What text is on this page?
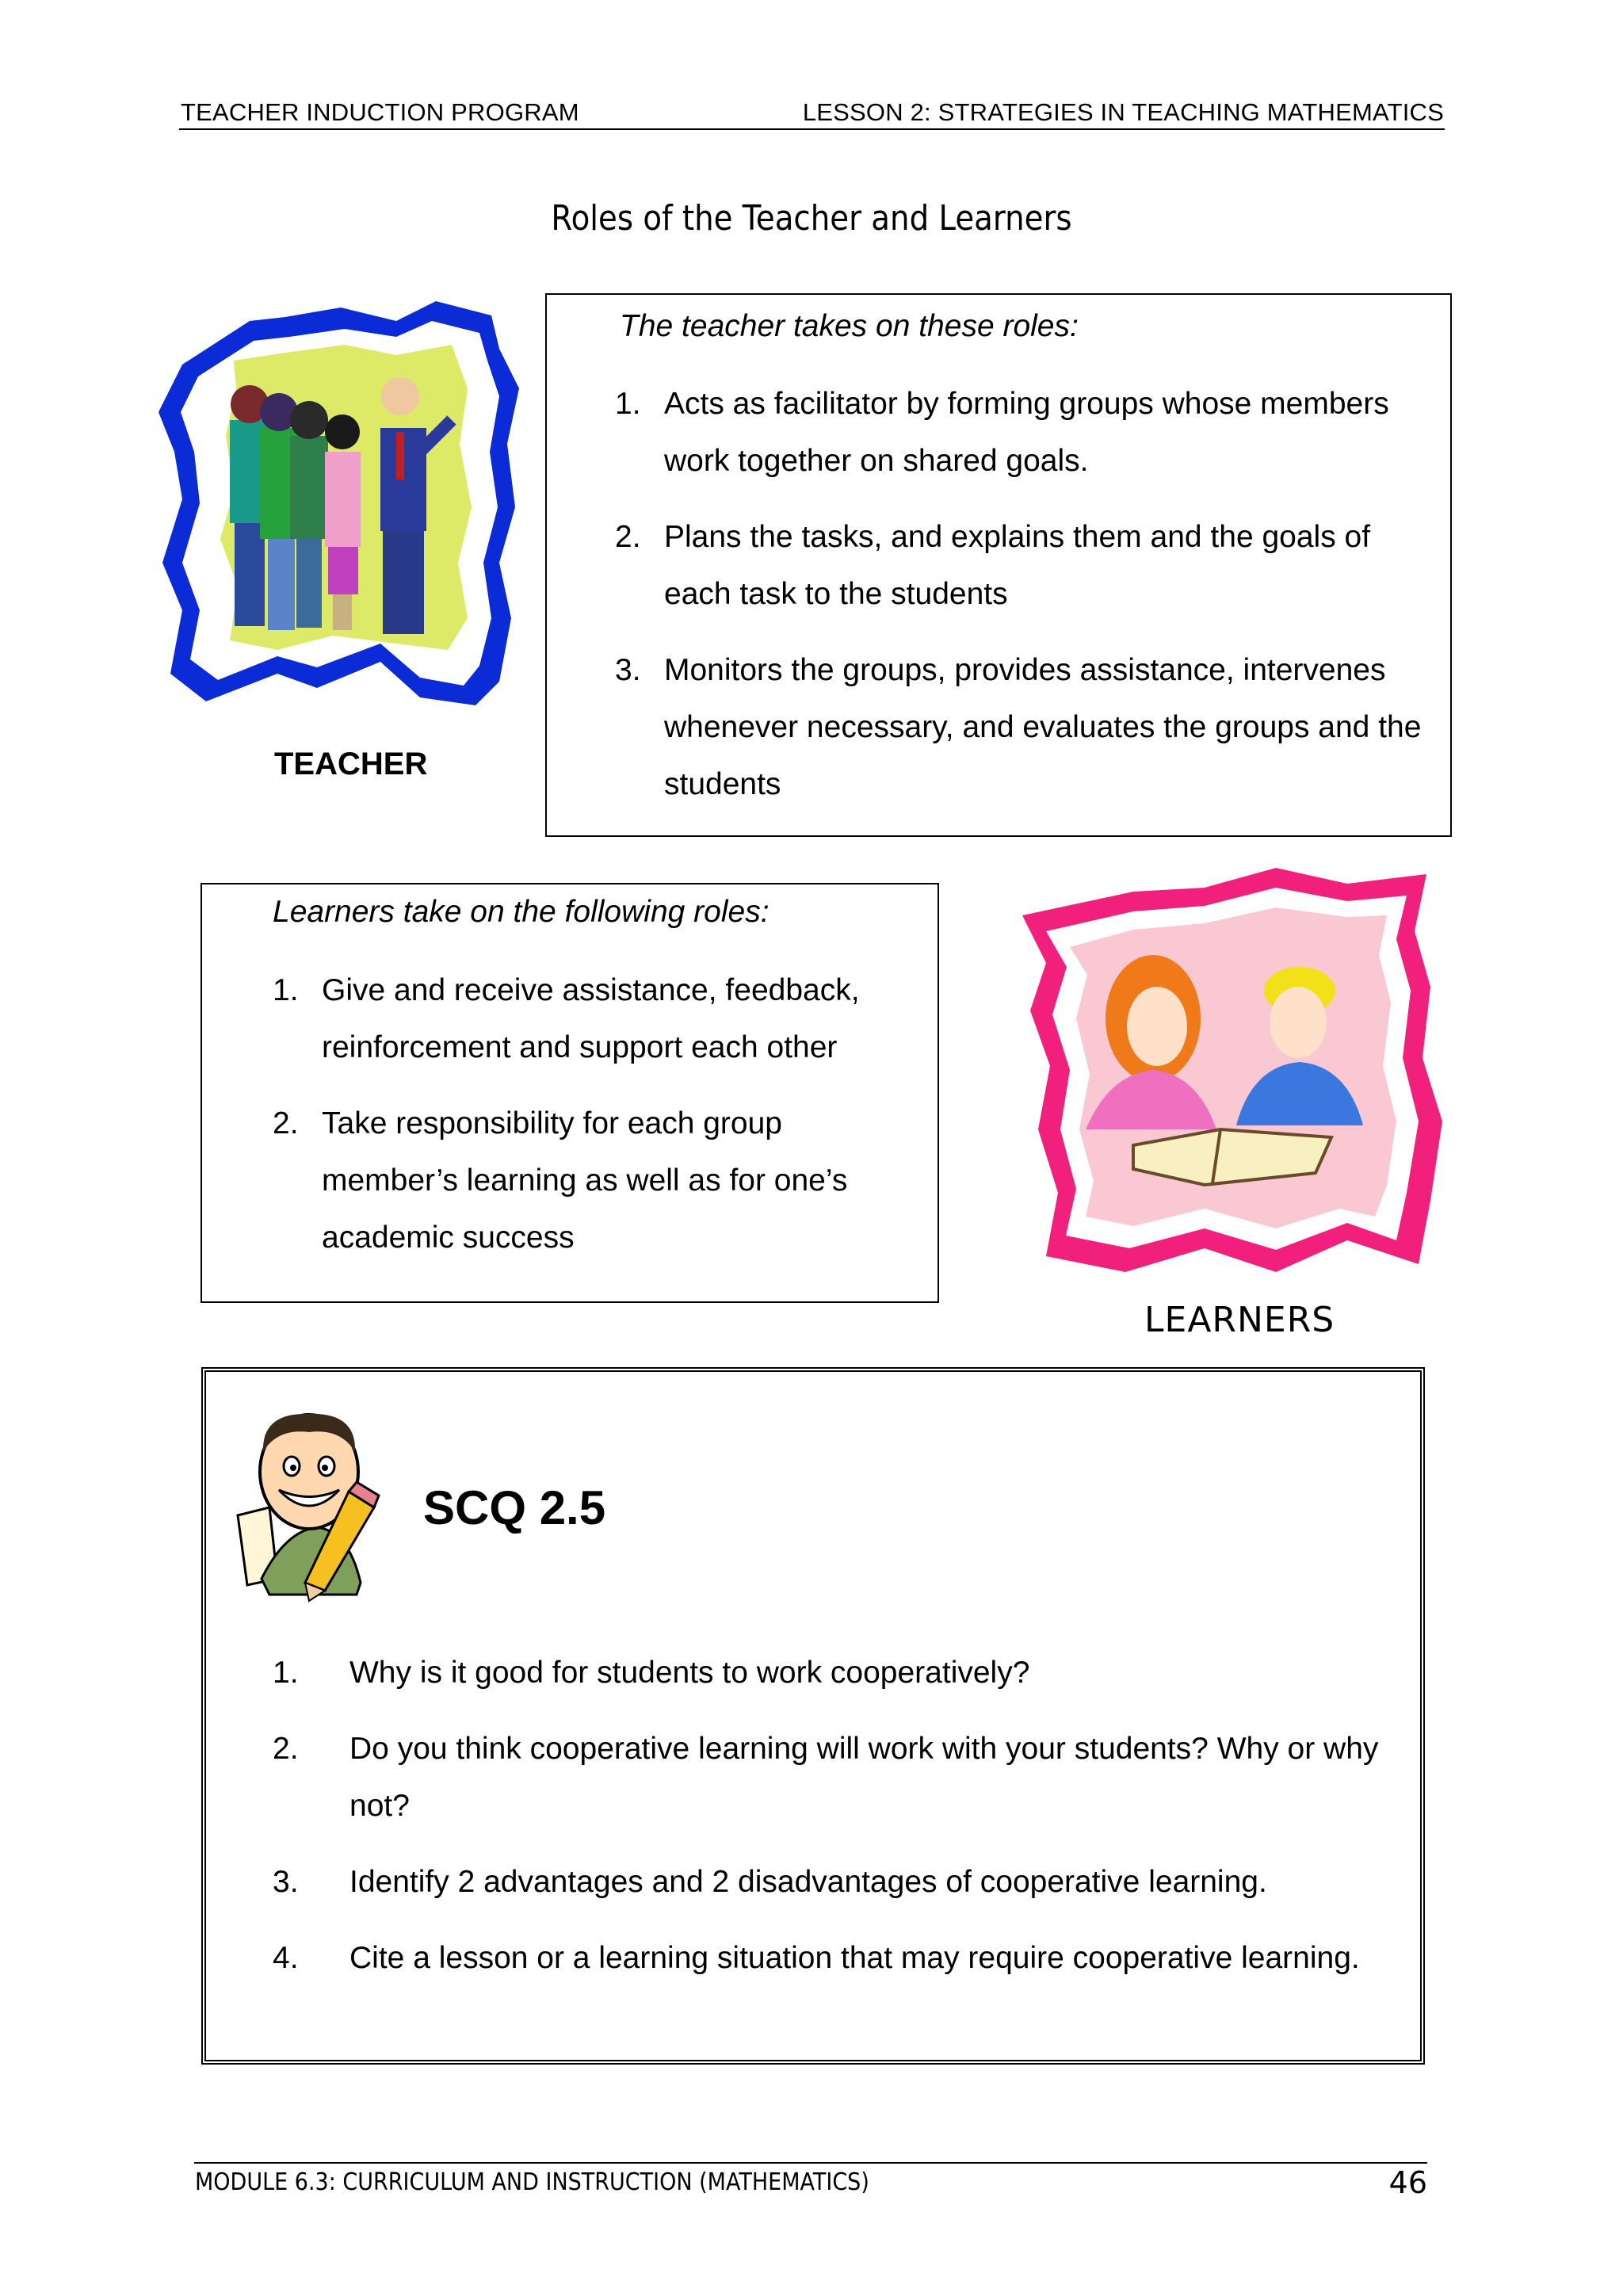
TEACHER INDUCTION PROGRAM	LESSON 2: STRATEGIES IN TEACHING MATHEMATICS
Roles of the Teacher and Learners
TEACHER
The teacher takes on these roles:
1. Acts as facilitator by forming groups whose members work together on shared goals.
2. Plans the tasks, and explains them and the goals of each task to the students
3. Monitors the groups, provides assistance, intervenes whenever necessary, and evaluates the groups and the students
Learners take on the following roles:
1. Give and receive assistance, feedback, reinforcement and support each other
2. Take responsibility for each group member’s learning as well as for one’s academic success
LEARNERS
SCQ 2.5
1. Why is it good for students to work cooperatively?
2. Do you think cooperative learning will work with your students? Why or why not?
3. Identify 2 advantages and 2 disadvantages of cooperative learning.
4. Cite a lesson or a learning situation that may require cooperative learning.
MODULE 6.3: CURRICULUM AND INSTRUCTION (MATHEMATICS)	46
